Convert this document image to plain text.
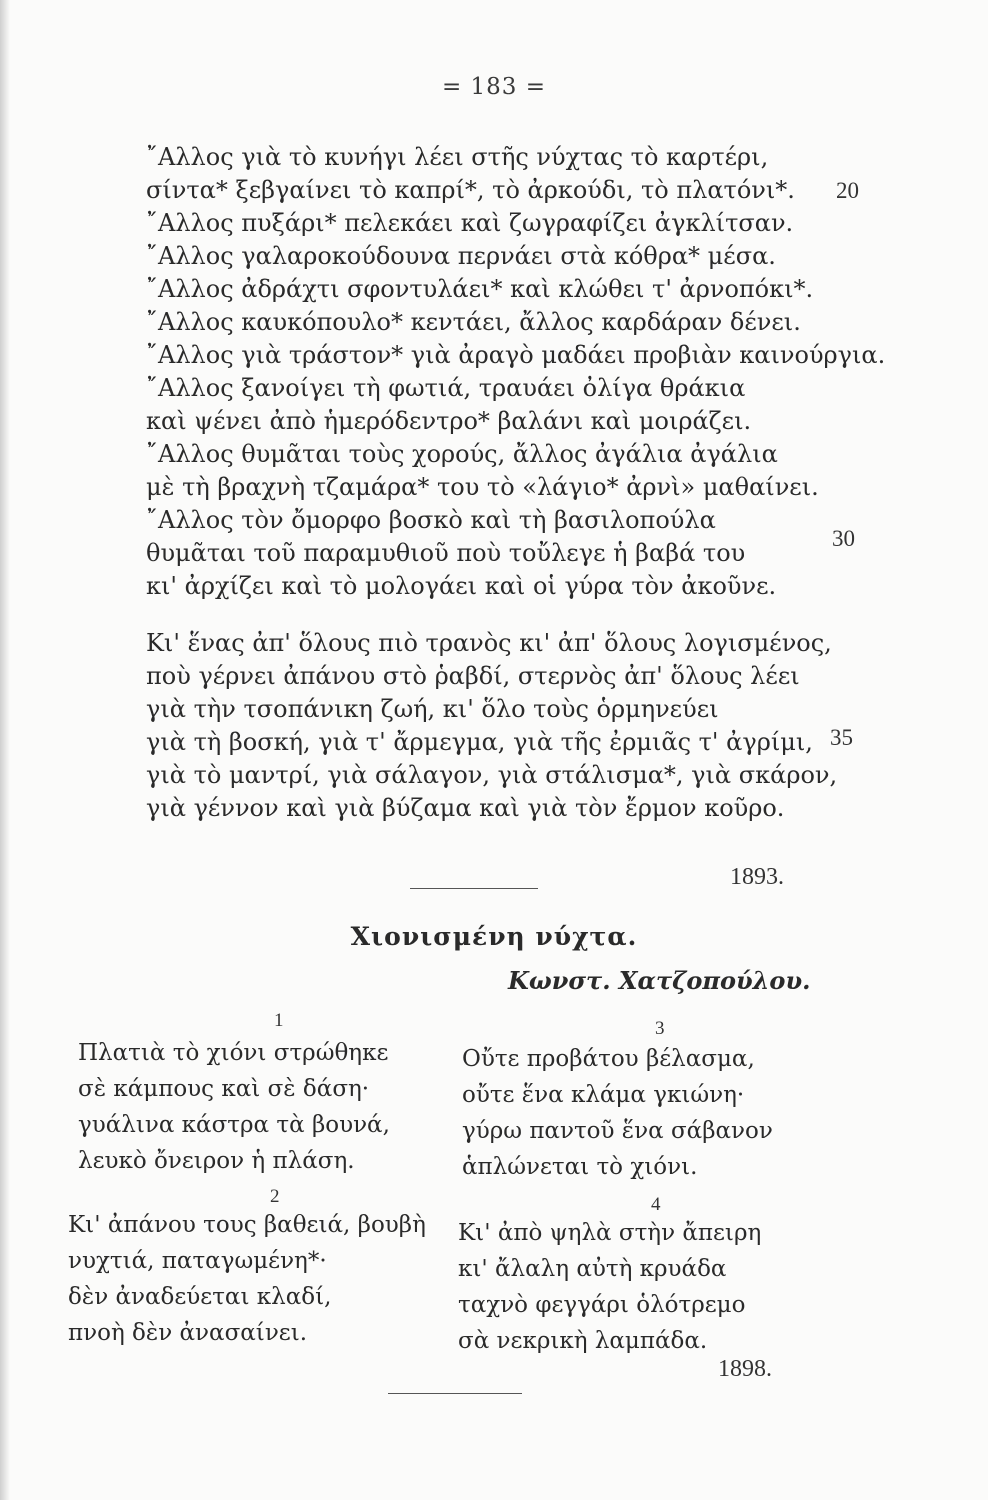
= 183 =
῎Αλλος γιὰ τὸ κυνήγι λέει στῆς νύχτας τὸ καρτέρι,
σίντα* ξεβγαίνει τὸ καπρί*, τὸ ἀρκούδι, τὸ πλατόνι*.
῎Αλλος πυξάρι* πελεκάει καὶ ζωγραφίζει ἀγκλίτσαν.
῎Αλλος γαλαροκούδουνα περνάει στὰ κόθρα* μέσα.
῎Αλλος ἀδράχτι σφοντυλάει* καὶ κλώθει τ' ἀρνοπόκι*.
῎Αλλος καυκόπουλο* κεντάει, ἄλλος καρδάραν δένει.
῎Αλλος γιὰ τράστον* γιὰ ἀραγὸ μαδάει προβιὰν καινούργια.
῎Αλλος ξανοίγει τὴ φωτιά, τραυάει ὀλίγα θράκια
καὶ ψένει ἀπὸ ἡμερόδεντρο* βαλάνι καὶ μοιράζει.
῎Αλλος θυμᾶται τοὺς χορούς, ἄλλος ἀγάλια ἀγάλια
μὲ τὴ βραχνὴ τζαμάρα* του τὸ «λάγιο* ἀρνὶ» μαθαίνει.
῎Αλλος τὸν ὄμορφο βοσκὸ καὶ τὴ βασιλοπούλα
θυμᾶται τοῦ παραμυθιοῦ ποὺ τοὔλεγε ἡ βαβά του
κι' ἀρχίζει καὶ τὸ μολογάει καὶ οἱ γύρα τὸν ἀκοῦνε.
Κι' ἕνας ἀπ' ὅλους πιὸ τρανὸς κι' ἀπ' ὅλους λογισμένος,
ποὺ γέρνει ἀπάνου στὸ ῥαβδί, στερνὸς ἀπ' ὅλους λέει
γιὰ τὴν τσοπάνικη ζωή, κι' ὅλο τοὺς ὁρμηνεύει
γιὰ τὴ βοσκή, γιὰ τ' ἄρμεγμα, γιὰ τῆς ἐρμιᾶς τ' ἀγρίμι,
γιὰ τὸ μαντρί, γιὰ σάλαγον, γιὰ στάλισμα*, γιὰ σκάρον,
γιὰ γέννον καὶ γιὰ βύζαμα καὶ γιὰ τὸν ἔρμον κοῦρο.
20
30
35
1893.
Χιονισμένη νύχτα.
Κωνστ. Χατζοπούλου.
1
Πλατιὰ τὸ χιόνι στρώθηκε
σὲ κάμπους καὶ σὲ δάση·
γυάλινα κάστρα τὰ βουνά,
λευκὸ ὄνειρον ἡ πλάση.
2
Κι' ἀπάνου τους βαθειά, βουβὴ
νυχτιά, παταγωμένη*·
δὲν ἀναδεύεται κλαδί,
πνοὴ δὲν ἀνασαίνει.
3
Οὔτε προβάτου βέλασμα,
οὔτε ἕνα κλάμα γκιώνη·
γύρω παντοῦ ἕνα σάβανον
ἁπλώνεται τὸ χιόνι.
4
Κι' ἀπὸ ψηλὰ στὴν ἄπειρη
κι' ἄλαλη αὐτὴ κρυάδα
ταχνὸ φεγγάρι ὁλότρεμο
σὰ νεκρικὴ λαμπάδα.
1898.
